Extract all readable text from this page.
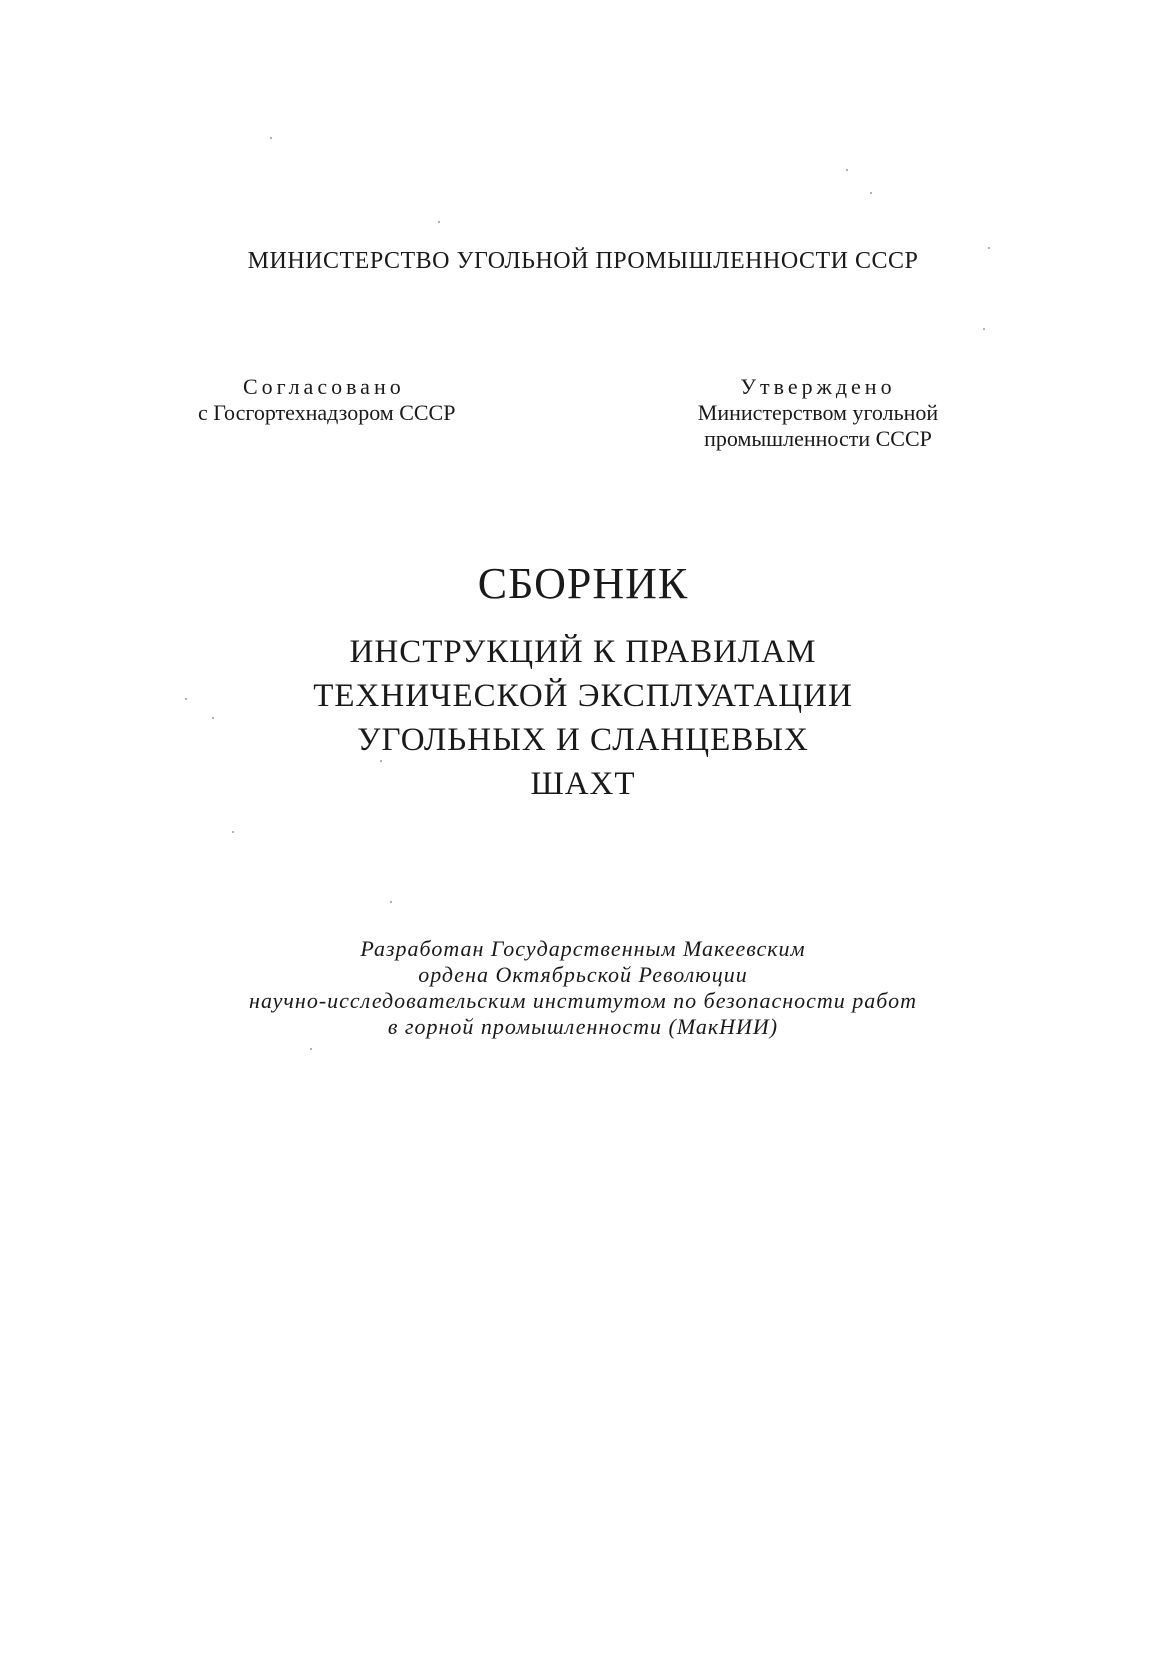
МИНИСТЕРСТВО УГОЛЬНОЙ ПРОМЫШЛЕННОСТИ СССР
Согласовано
с Госгортехнадзором СССР
Утверждено
Министерством угольной
промышленности СССР
СБОРНИК
ИНСТРУКЦИЙ К ПРАВИЛАМ
ТЕХНИЧЕСКОЙ ЭКСПЛУАТАЦИИ
УГОЛЬНЫХ И СЛАНЦЕВЫХ
ШАХТ
Разработан Государственным Макеевским
ордена Октябрьской Революции
научно-исследовательским институтом по безопасности работ
в горной промышленности (МакНИИ)
